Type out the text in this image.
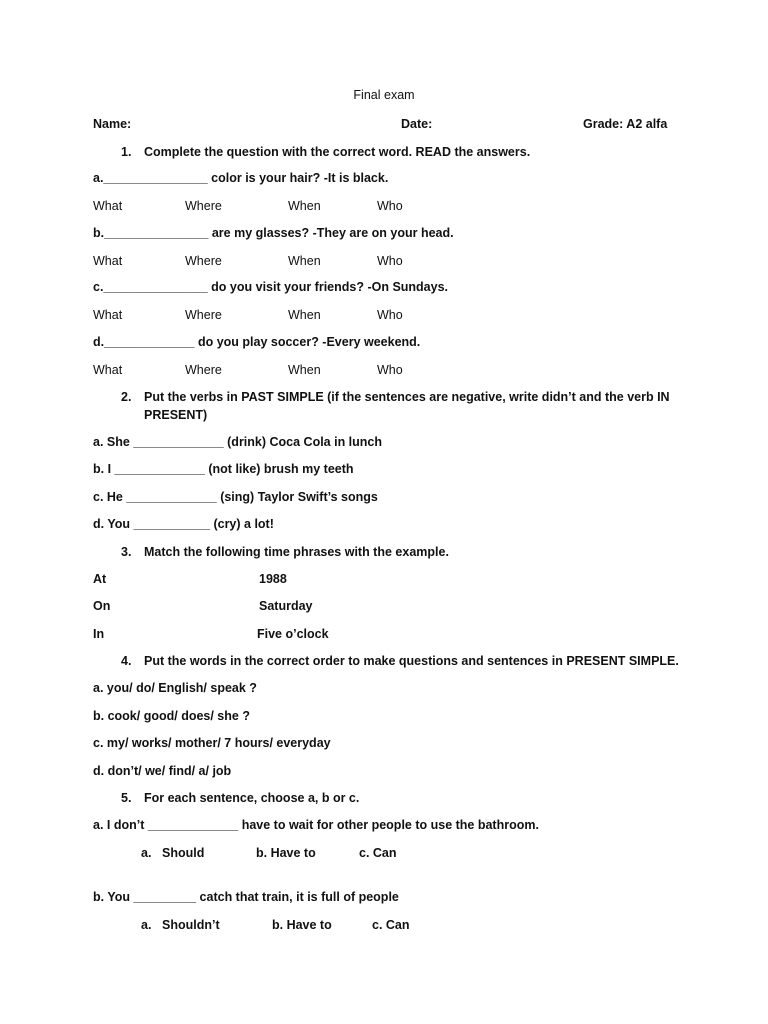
Final exam
Name:	Date:	Grade: A2 alfa
1. Complete the question with the correct word. READ the answers.
a._______________ color is your hair? -It is black.
What	Where	When	Who
b._______________ are my glasses? -They are on your head.
What	Where	When	Who
c._______________ do you visit your friends? -On Sundays.
What	Where	When	Who
d._____________ do you play soccer? -Every weekend.
What	Where	When	Who
2. Put the verbs in PAST SIMPLE (if the sentences are negative, write didn’t and the verb IN
PRESENT)
a. She _____________ (drink) Coca Cola in lunch
b. I _____________ (not like) brush my teeth
c. He _____________ (sing) Taylor Swift’s songs
d. You ___________ (cry) a lot!
3. Match the following time phrases with the example.
At	1988
On	Saturday
In	Five o’clock
4. Put the words in the correct order to make questions and sentences in PRESENT SIMPLE.
a. you/ do/ English/ speak ?
b. cook/ good/ does/ she ?
c. my/ works/ mother/ 7 hours/ everyday
d. don’t/ we/ find/ a/ job
5. For each sentence, choose a, b or c.
a. I don’t _____________ have to wait for other people to use the bathroom.
a. Should	b. Have to	c. Can
b. You _________ catch that train, it is full of people
a. Shouldn’t	b. Have to	c. Can
